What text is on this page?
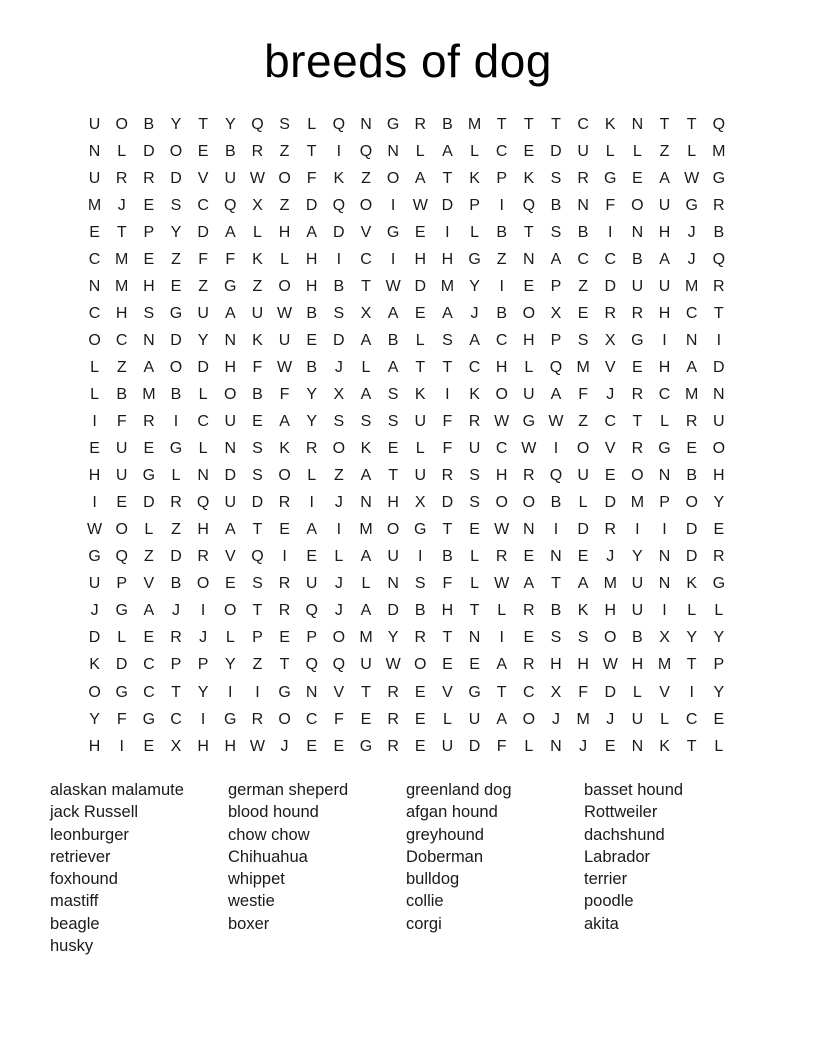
breeds of dog
U O B	Y	T	Y Q S	L	Q N G R	B M T	T	T	C	K	N	T	T	Q
N	L	D O E	B	R	Z	T	I	Q N	L	A	L	C	E	D U	L	L	Z	L	M
U R R D	V	U W O	F	K	Z	O A	T	K	P	K	S	R G E	A W G
M	J	E	S	C Q X	Z	D Q O	I	W D	P	I	Q B	N	F	O U G R
E	T	P	Y	D	A	L	H	A	D	V G E	I	L	B	T	S	B	I	N H	J	B
C M E	Z	F	F	K	L	H	I	C	I	H H G	Z	N	A	C C	B	A	J	Q
N M H	E	Z	G	Z	O H	B	T W D M Y	I	E	P	Z	D U U M R
C H	S G U	A	U W B	S	X	A	E	A	J	B O X	E	R R H C	T
O C N D	Y	N	K	U	E	D	A	B	L	S	A	C H	P	S	X G	I	N	I
L	Z	A O D H	F W B	J	L	A	T	T	C H	L	Q M V	E	H	A	D
L	B M B	L	O B	F	Y	X	A	S	K	I	K O U	A	F	J	R C M N
I	F	R	I	C U	E	A	Y	S	S	S	U	F	R W G W Z	C	T	L	R U
E	U	E G	L	N	S	K	R O K	E	L	F	U C W	I	O V	R G E O
H U G	L	N D	S O	L	Z	A	T	U R	S	H R Q U	E O N	B	H
I	E	D R Q U D R	I	J	N H	X	D	S O O B	L	D M P O Y
W O	L	Z	H	A	T	E	A	I	M O G	T	E W N	I	D R	I	I	D	E
G Q	Z	D R	V Q	I	E	L	A	U	I	B	L	R	E	N	E	J	Y	N D R
U	P	V	B O E	S	R U	J	L	N	S	F	L W A	T	A M U N	K G
J	G A	J	I	O	T	R Q	J	A	D	B	H	T	L	R	B	K	H U	I	L	L
D	L	E	R	J	L	P	E	P O M Y	R	T	N	I	E	S	S O B	X	Y	Y
K	D C	P	P	Y	Z	T	Q Q U W O E	E	A	R H H W H M T	P
O G C	T	Y	I	I	G N	V	T	R	E	V G	T	C	X	F	D	L	V	I	Y
Y	F	G C	I	G R O C	F	E	R	E	L	U	A O	J	M	J	U	L	C	E
H	I	E	X	H H W J	E	E G R	E	U D	F	L	N	J	E	N	K	T	L
alaskan malamute
jack Russell
leonburger
retriever
foxhound
mastiff
beagle
husky
german sheperd
blood hound
chow chow
Chihuahua
whippet
westie
boxer
greenland dog
afgan hound
greyhound
Doberman
bulldog
collie
corgi
basset hound
Rottweiler
dachshund
Labrador
terrier
poodle
akita
